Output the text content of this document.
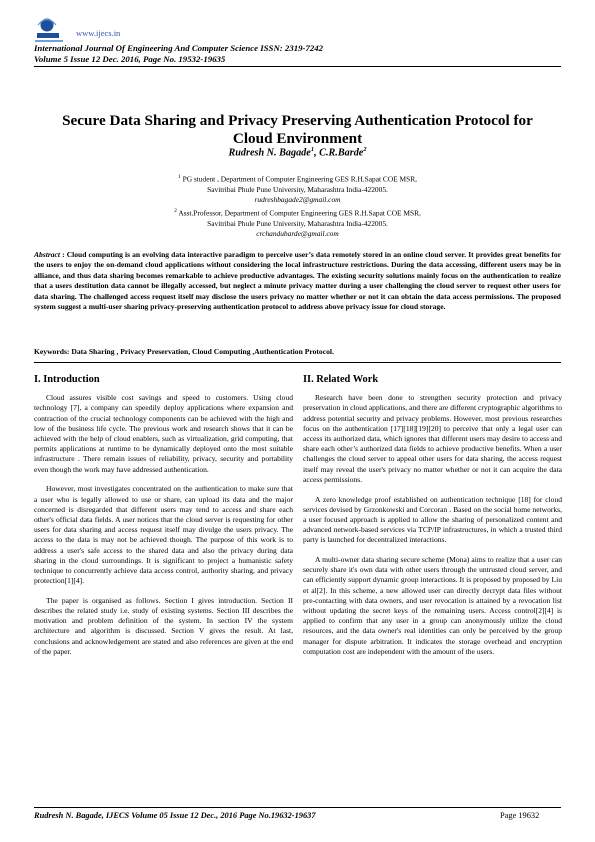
www.ijecs.in
International Journal Of Engineering And Computer Science ISSN: 2319-7242
Volume 5 Issue 12 Dec. 2016, Page No. 19532-19635
Secure Data Sharing and Privacy Preserving Authentication Protocol for
Cloud Environment
Rudresh N. Bagade$^1$, C.R.Barde$^2$
$^1$ PG student , Department of Computer Engineering GES R.H.Sapat COE MSR,
Savitribai Phule Pune University, Maharashtra India-422005.
rudreshbagade2@gmail.com
$^2$ Asst.Professor, Department of Computer Engineering GES R.H.Sapat COE MSR,
Savitribai Phule Pune University, Maharashtra India-422005.
crchandubarde@gmail.com
Abstract : Cloud computing is an evolving data interactive paradigm to perceive user’s data remotely stored in an online cloud server. It provides great benefits for the users to enjoy the on-demand cloud applications without considering the local infrastructure restrictions. During the data accessing, different users may be in alliance, and thus data sharing becomes remarkable to achieve productive advantages. The existing security solutions mainly focus on the authentication to realize that a users destitution data cannot be illegally accessed, but neglect a minute privacy matter during a user challenging the cloud server to request other users for data sharing. The challenged access request itself may disclose the users privacy no matter whether or not it can obtain the data access permissions. The proposed system suggest a multi-user sharing privacy-preserving authentication protocol to address above privacy issue for cloud storage.
Keywords: Data Sharing , Privacy Preservation, Cloud Computing ,Authentication Protocol.
I. Introduction

Cloud assures visible cost savings and speed to customers. Using cloud technology [7], a company can speedily deploy applications where expansion and contraction of the crucial technology components can be achieved with the high and low of the business life cycle. The previous work and research shows that it can be achieved with the help of cloud enablers, such as virtualization, grid computing, that permits applications at runtime to be dynamically deployed onto the most suitable infrastructure . There remain issues of reliability, privacy, security and portability even though the work may have addressed authentication.

However, most investigates concentrated on the authentication to make sure that a user who is legally allowed to use or share, can upload its data and the major concerned is disregarded that different users may tend to access and share each other's official data fields. A user notices that the cloud server is requesting for other users for data sharing and access request itself may divulge the users privacy. The access to the data is may not be achieved though. The purpose of this work is to address a user's safe access to the shared data and also the privacy during data sharing in the cloud surroundings. It is significant to project a humanistic safety technique to concurrently achieve data access control, authority sharing, and privacy protection[1][4].

The paper is organised as follows. Section I gives introduction. Section II describes the related study i.e. study of existing systems. Section III describes the motivation and problem definition of the system. In section IV the system architecture and algorithm is discussed. Section V gives the result. At last, conclusions and acknowledgement are stated and also references are given at the end of the paper.

II. Related Work

Research have been done to strengthen security protection and privacy preservation in cloud applications, and there are different cryptographic algorithms to address potential security and privacy problems. However, most previous researches focus on the authentication [17][18][19][20] to perceive that only a legal user can access its authorized data, which ignores that different users may desire to access and share each other’s authorized data fields to achieve productive benefits. When a user challenges the cloud server to appeal other users for data sharing, the access request itself may reveal the user's privacy no matter whether or not it can acquire the data access permissions.

A zero knowledge proof established on authentication technique [18] for cloud services devised by Grzonkowski and Corcoran . Based on the social home networks, a user focused approach is applied to allow the sharing of personalized content and advanced network-based services via TCP/IP infrastructures, in which a trusted third party is launched for decentralized interactions.

A multi-owner data sharing secure scheme (Mona) aims to realize that a user can securely share it's own data with other users through the untrusted cloud server, and can efficiently support dynamic group interactions. It is proposed by proposed by Liu et al[2]. In this scheme, a new allowed user can directly decrypt data files without pre-contacting with data owners, and user revocation is attained by a revocation list without updating the secret keys of the remaining users. Access control[2][4] is applied to confirm that any user in a group can anonymously utilize the cloud resources, and the data owner's real identities can only be perceived by the group manager for dispute arbitration. It indicates the storage overhead and encryption computation cost are independent with the amount of the users.

Rudresh N. Bagade, IJECS Volume 05 Issue 12 Dec., 2016 Page No.19632-19637	Page 19632
